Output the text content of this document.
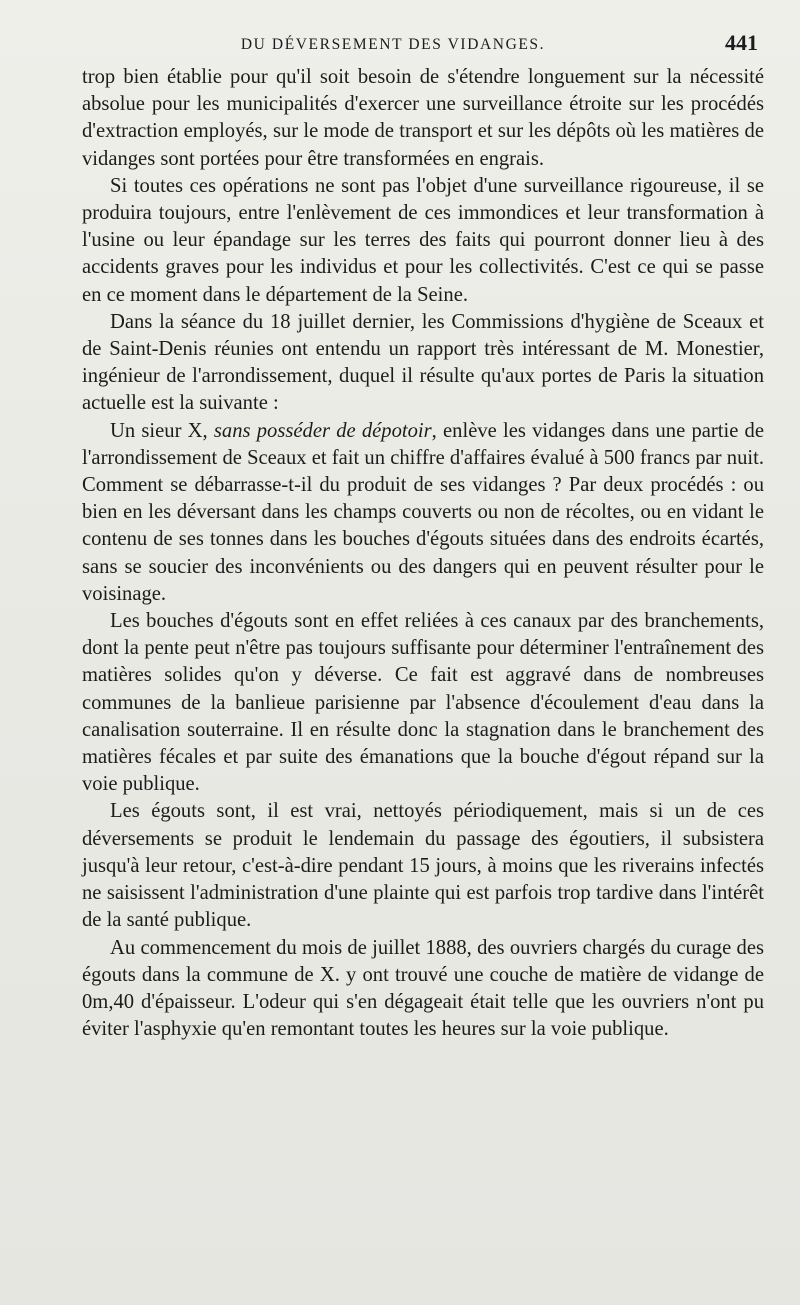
DU DÉVERSEMENT DES VIDANGES.	441

trop bien établie pour qu'il soit besoin de s'étendre longuement sur la nécessité absolue pour les municipalités d'exercer une surveillance étroite sur les procédés d'extraction employés, sur le mode de transport et sur les dépôts où les matières de vidanges sont portées pour être transformées en engrais.

Si toutes ces opérations ne sont pas l'objet d'une surveillance rigoureuse, il se produira toujours, entre l'enlèvement de ces immondices et leur transformation à l'usine ou leur épandage sur les terres des faits qui pourront donner lieu à des accidents graves pour les individus et pour les collectivités. C'est ce qui se passe en ce moment dans le département de la Seine.

Dans la séance du 18 juillet dernier, les Commissions d'hygiène de Sceaux et de Saint-Denis réunies ont entendu un rapport très intéressant de M. Monestier, ingénieur de l'arrondissement, duquel il résulte qu'aux portes de Paris la situation actuelle est la suivante :

Un sieur X, sans posséder de dépotoir, enlève les vidanges dans une partie de l'arrondissement de Sceaux et fait un chiffre d'affaires évalué à 500 francs par nuit. Comment se débarrasse-t-il du produit de ses vidanges ? Par deux procédés : ou bien en les déversant dans les champs couverts ou non de récoltes, ou en vidant le contenu de ses tonnes dans les bouches d'égouts situées dans des endroits écartés, sans se soucier des inconvénients ou des dangers qui en peuvent résulter pour le voisinage.

Les bouches d'égouts sont en effet reliées à ces canaux par des branchements, dont la pente peut n'être pas toujours suffisante pour déterminer l'entraînement des matières solides qu'on y déverse. Ce fait est aggravé dans de nombreuses communes de la banlieue parisienne par l'absence d'écoulement d'eau dans la canalisation souterraine. Il en résulte donc la stagnation dans le branchement des matières fécales et par suite des émanations que la bouche d'égout répand sur la voie publique.

Les égouts sont, il est vrai, nettoyés périodiquement, mais si un de ces déversements se produit le lendemain du passage des égoutiers, il subsistera jusqu'à leur retour, c'est-à-dire pendant 15 jours, à moins que les riverains infectés ne saisissent l'administration d'une plainte qui est parfois trop tardive dans l'intérêt de la santé publique.

Au commencement du mois de juillet 1888, des ouvriers chargés du curage des égouts dans la commune de X. y ont trouvé une couche de matière de vidange de 0m,40 d'épaisseur. L'odeur qui s'en dégageait était telle que les ouvriers n'ont pu éviter l'asphyxie qu'en remontant toutes les heures sur la voie publique.
